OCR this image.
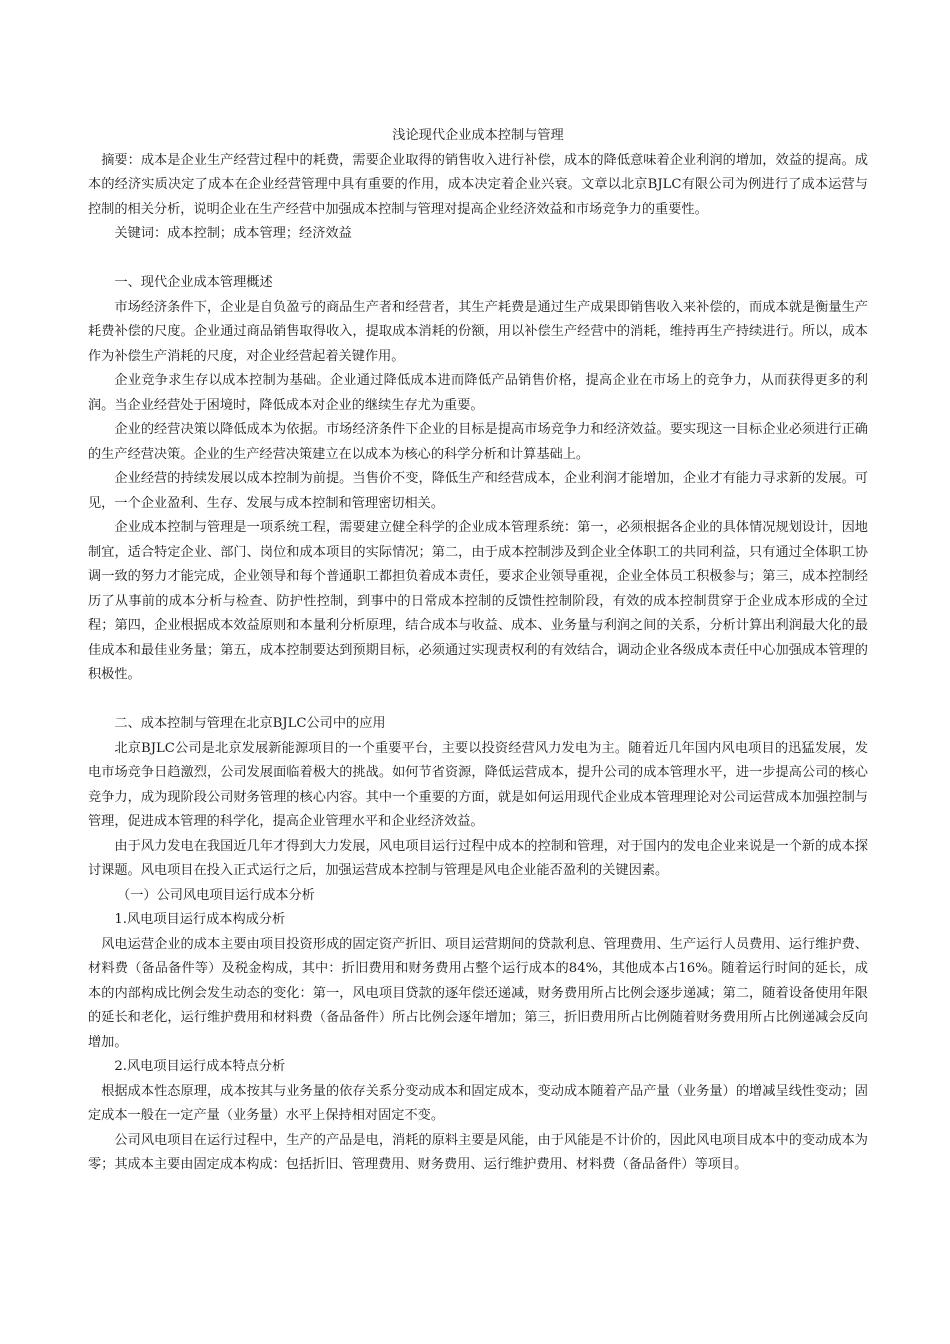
浅论现代企业成本控制与管理

摘要：成本是企业生产经营过程中的耗费，需要企业取得的销售收入进行补偿，成本的降低意味着企业利润的增加，效益的提高。成本的经济实质决定了成本在企业经营管理中具有重要的作用，成本决定着企业兴衰。文章以北京BJLC有限公司为例进行了成本运营与控制的相关分析，说明企业在生产经营中加强成本控制与管理对提高企业经济效益和市场竞争力的重要性。

关键词：成本控制；成本管理；经济效益

一、现代企业成本管理概述

市场经济条件下，企业是自负盈亏的商品生产者和经营者，其生产耗费是通过生产成果即销售收入来补偿的，而成本就是衡量生产耗费补偿的尺度。企业通过商品销售取得收入，提取成本消耗的份额，用以补偿生产经营中的消耗，维持再生产持续进行。所以，成本作为补偿生产消耗的尺度，对企业经营起着关键作用。

企业竞争求生存以成本控制为基础。企业通过降低成本进而降低产品销售价格，提高企业在市场上的竞争力，从而获得更多的利润。当企业经营处于困境时，降低成本对企业的继续生存尤为重要。

企业的经营决策以降低成本为依据。市场经济条件下企业的目标是提高市场竞争力和经济效益。要实现这一目标企业必须进行正确的生产经营决策。企业的生产经营决策建立在以成本为核心的科学分析和计算基础上。

企业经营的持续发展以成本控制为前提。当售价不变，降低生产和经营成本，企业利润才能增加，企业才有能力寻求新的发展。可见，一个企业盈利、生存、发展与成本控制和管理密切相关。

企业成本控制与管理是一项系统工程，需要建立健全科学的企业成本管理系统：第一，必须根据各企业的具体情况规划设计，因地制宜，适合特定企业、部门、岗位和成本项目的实际情况；第二，由于成本控制涉及到企业全体职工的共同利益，只有通过全体职工协调一致的努力才能完成，企业领导和每个普通职工都担负着成本责任，要求企业领导重视，企业全体员工积极参与；第三，成本控制经历了从事前的成本分析与检查、防护性控制，到事中的日常成本控制的反馈性控制阶段，有效的成本控制贯穿于企业成本形成的全过程；第四，企业根据成本效益原则和本量利分析原理，结合成本与收益、成本、业务量与利润之间的关系，分析计算出利润最大化的最佳成本和最佳业务量；第五，成本控制要达到预期目标，必须通过实现责权利的有效结合，调动企业各级成本责任中心加强成本管理的积极性。

二、成本控制与管理在北京BJLC公司中的应用

北京BJLC公司是北京发展新能源项目的一个重要平台，主要以投资经营风力发电为主。随着近几年国内风电项目的迅猛发展，发电市场竞争日趋激烈，公司发展面临着极大的挑战。如何节省资源，降低运营成本，提升公司的成本管理水平，进一步提高公司的核心竞争力，成为现阶段公司财务管理的核心内容。其中一个重要的方面，就是如何运用现代企业成本管理理论对公司运营成本加强控制与管理，促进成本管理的科学化，提高企业管理水平和企业经济效益。

由于风力发电在我国近几年才得到大力发展，风电项目运行过程中成本的控制和管理，对于国内的发电企业来说是一个新的成本探讨课题。风电项目在投入正式运行之后，加强运营成本控制与管理是风电企业能否盈利的关键因素。

（一）公司风电项目运行成本分析

1.风电项目运行成本构成分析

风电运营企业的成本主要由项目投资形成的固定资产折旧、项目运营期间的贷款利息、管理费用、生产运行人员费用、运行维护费、材料费（备品备件等）及税金构成，其中：折旧费用和财务费用占整个运行成本的84%，其他成本占16%。随着运行时间的延长，成本的内部构成比例会发生动态的变化：第一，风电项目贷款的逐年偿还递减，财务费用所占比例会逐步递减；第二，随着设备使用年限的延长和老化，运行维护费用和材料费（备品备件）所占比例会逐年增加；第三，折旧费用所占比例随着财务费用所占比例递减会反向增加。

2.风电项目运行成本特点分析

根据成本性态原理，成本按其与业务量的依存关系分变动成本和固定成本，变动成本随着产品产量（业务量）的增减呈线性变动；固定成本一般在一定产量（业务量）水平上保持相对固定不变。

公司风电项目在运行过程中，生产的产品是电，消耗的原料主要是风能，由于风能是不计价的，因此风电项目成本中的变动成本为零；其成本主要由固定成本构成：包括折旧、管理费用、财务费用、运行维护费用、材料费（备品备件）等项目。
